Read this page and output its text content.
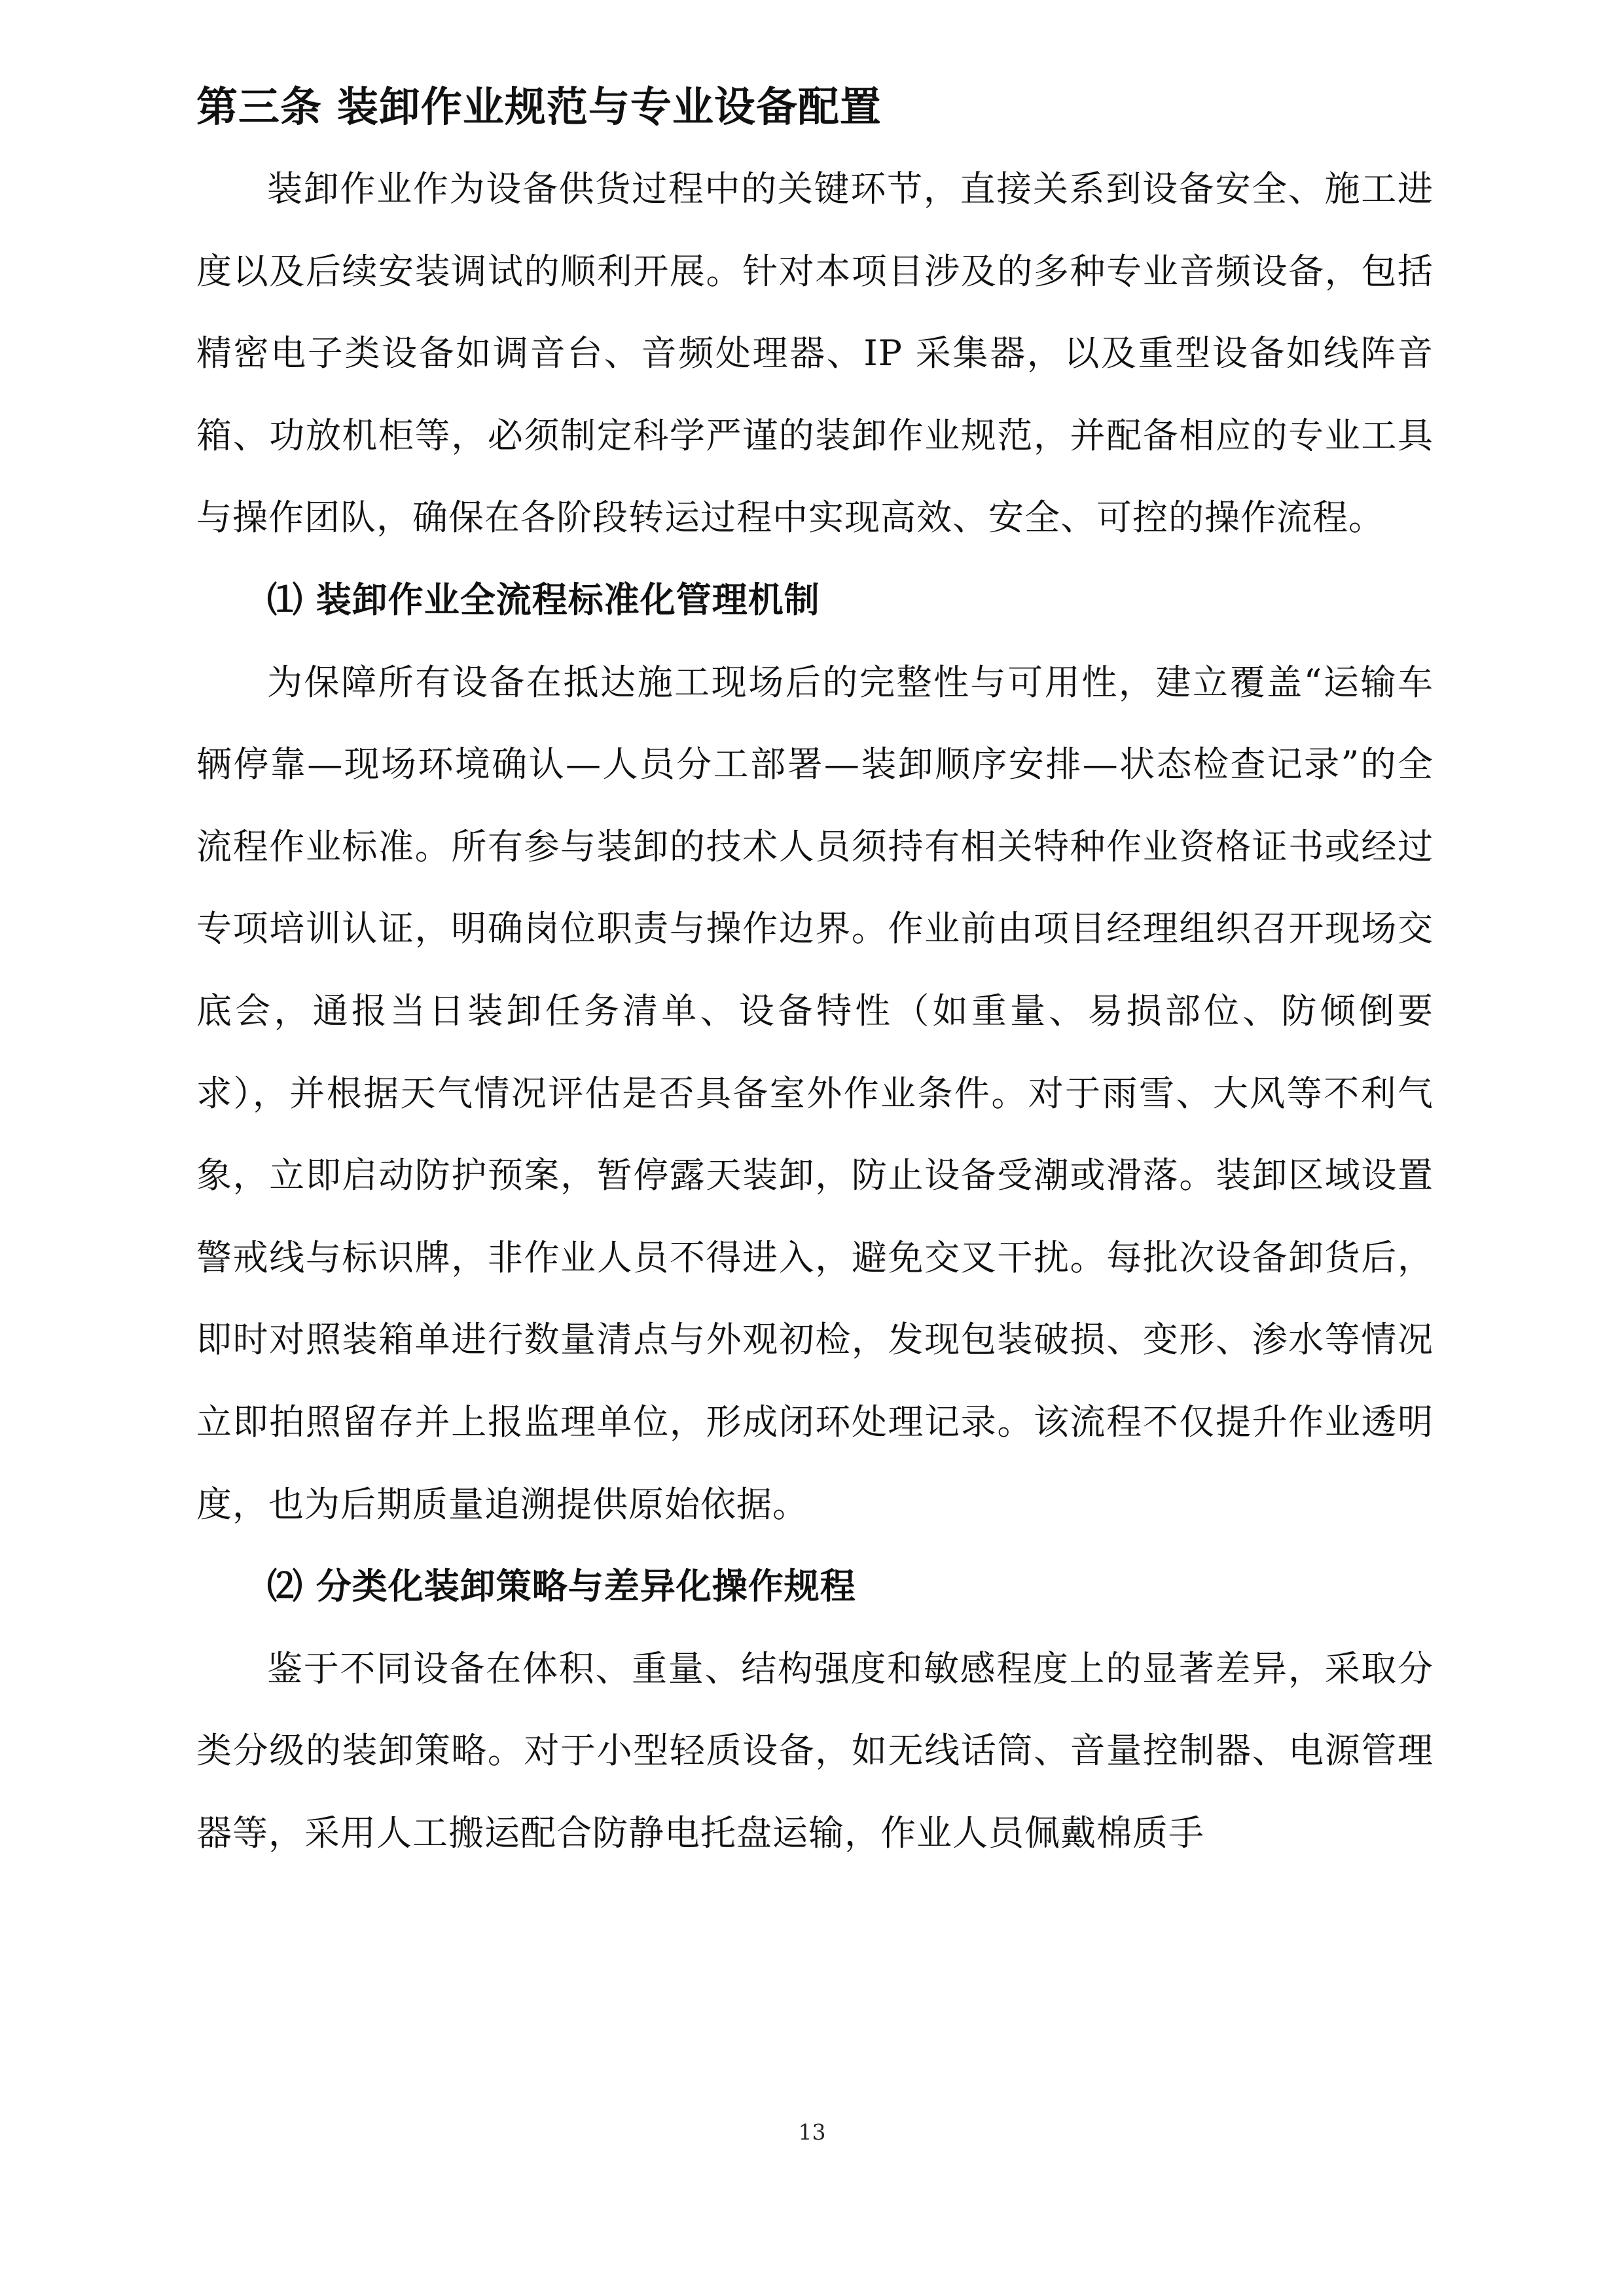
第三条 装卸作业规范与专业设备配置

装卸作业作为设备供货过程中的关键环节，直接关系到设备安全、施工进度以及后续安装调试的顺利开展。针对本项目涉及的多种专业音频设备，包括精密电子类设备如调音台、音频处理器、IP 采集器，以及重型设备如线阵音箱、功放机柜等，必须制定科学严谨的装卸作业规范，并配备相应的专业工具与操作团队，确保在各阶段转运过程中实现高效、安全、可控的操作流程。

⑴ 装卸作业全流程标准化管理机制

为保障所有设备在抵达施工现场后的完整性与可用性，建立覆盖“运输车辆停靠—现场环境确认—人员分工部署—装卸顺序安排—状态检查记录”的全流程作业标准。所有参与装卸的技术人员须持有相关特种作业资格证书或经过专项培训认证，明确岗位职责与操作边界。作业前由项目经理组织召开现场交底会，通报当日装卸任务清单、设备特性（如重量、易损部位、防倾倒要求），并根据天气情况评估是否具备室外作业条件。对于雨雪、大风等不利气象，立即启动防护预案，暂停露天装卸，防止设备受潮或滑落。装卸区域设置警戒线与标识牌，非作业人员不得进入，避免交叉干扰。每批次设备卸货后，即时对照装箱单进行数量清点与外观初检，发现包装破损、变形、渗水等情况立即拍照留存并上报监理单位，形成闭环处理记录。该流程不仅提升作业透明度，也为后期质量追溯提供原始依据。

⑵ 分类化装卸策略与差异化操作规程

鉴于不同设备在体积、重量、结构强度和敏感程度上的显著差异，采取分类分级的装卸策略。对于小型轻质设备，如无线话筒、音量控制器、电源管理器等，采用人工搬运配合防静电托盘运输，作业人员佩戴棉质手

13
